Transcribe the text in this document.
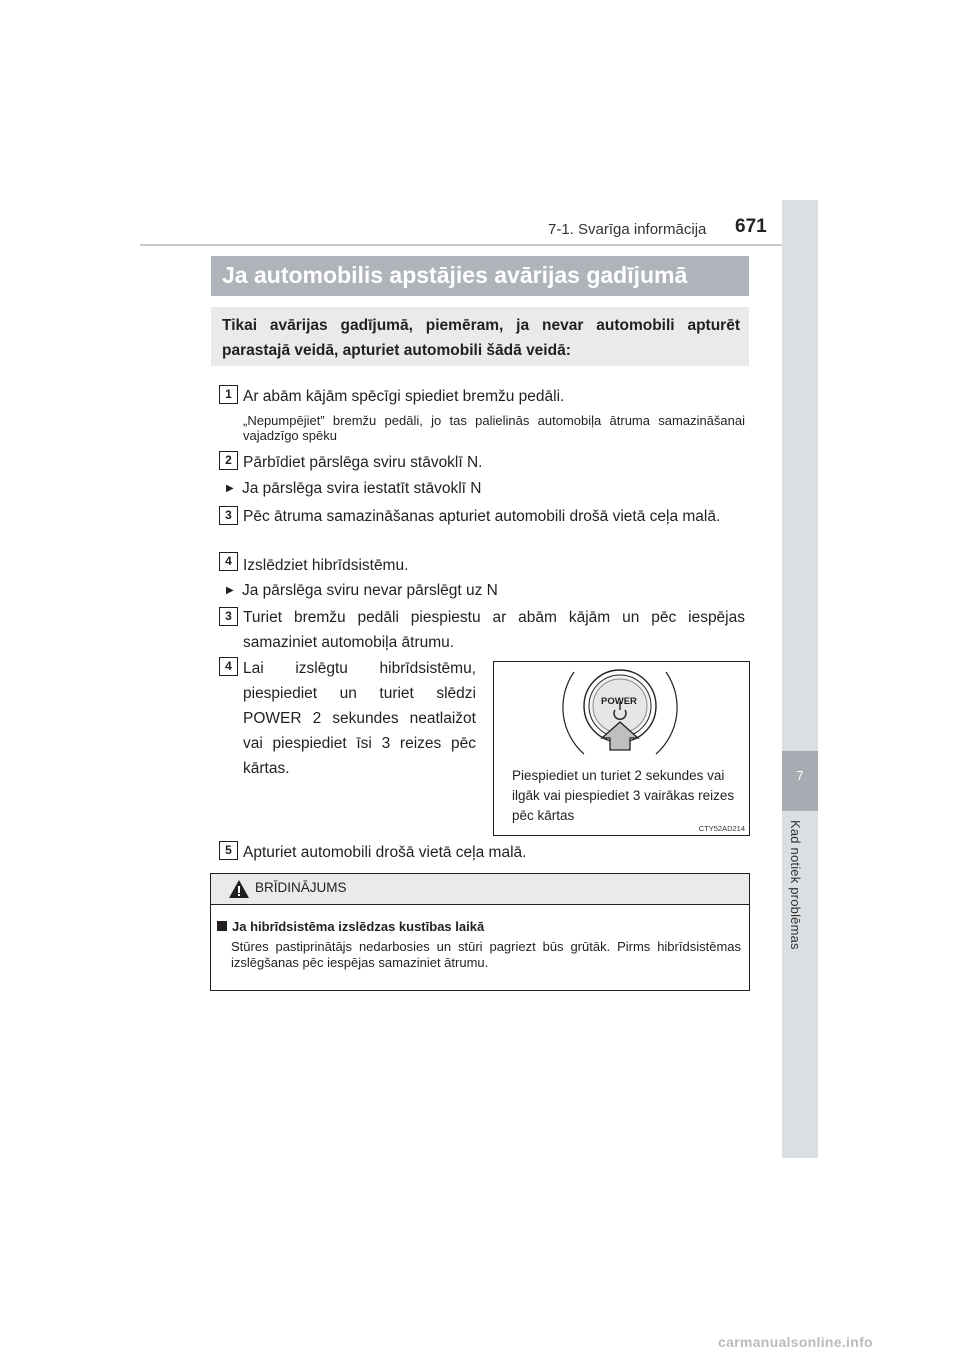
7-1. Svarīga informācija 671
7
Kad notiek problēmas
Ja automobilis apstājies avārijas gadījumā
Tikai avārijas gadījumā, piemēram, ja nevar automobili apturēt parastajā veidā, apturiet automobili šādā veidā:
1 Ar abām kājām spēcīgi spiediet bremžu pedāli.
„Nepumpējiet” bremžu pedāli, jo tas palielinās automobiļa ātruma samazināšanai vajadzīgo spēku
2 Pārbīdiet pārslēga sviru stāvoklī N.
▶ Ja pārslēga svira iestatīt stāvoklī N
3 Pēc ātruma samazināšanas apturiet automobili drošā vietā ceļa malā.
4 Izslēdziet hibrīdsistēmu.
▶ Ja pārslēga sviru nevar pārslēgt uz N
3 Turiet bremžu pedāli piespiestu ar abām kājām un pēc iespējas samaziniet automobiļa ātrumu.
4 Lai izslēgtu hibrīdsistēmu, piespiediet un turiet slēdzi POWER 2 sekundes neatlaižot vai piespiediet īsi 3 reizes pēc kārtas.
POWER
Piespiediet un turiet 2 sekundes vai ilgāk vai piespiediet 3 vairākas reizes pēc kārtas
CTY52AD214
5 Apturiet automobili drošā vietā ceļa malā.
BRĪDINĀJUMS
Ja hibrīdsistēma izslēdzas kustības laikā
Stūres pastiprinātājs nedarbosies un stūri pagriezt būs grūtāk. Pirms hibrīdsistēmas izslēgšanas pēc iespējas samaziniet ātrumu.
carmanualsonline.info
